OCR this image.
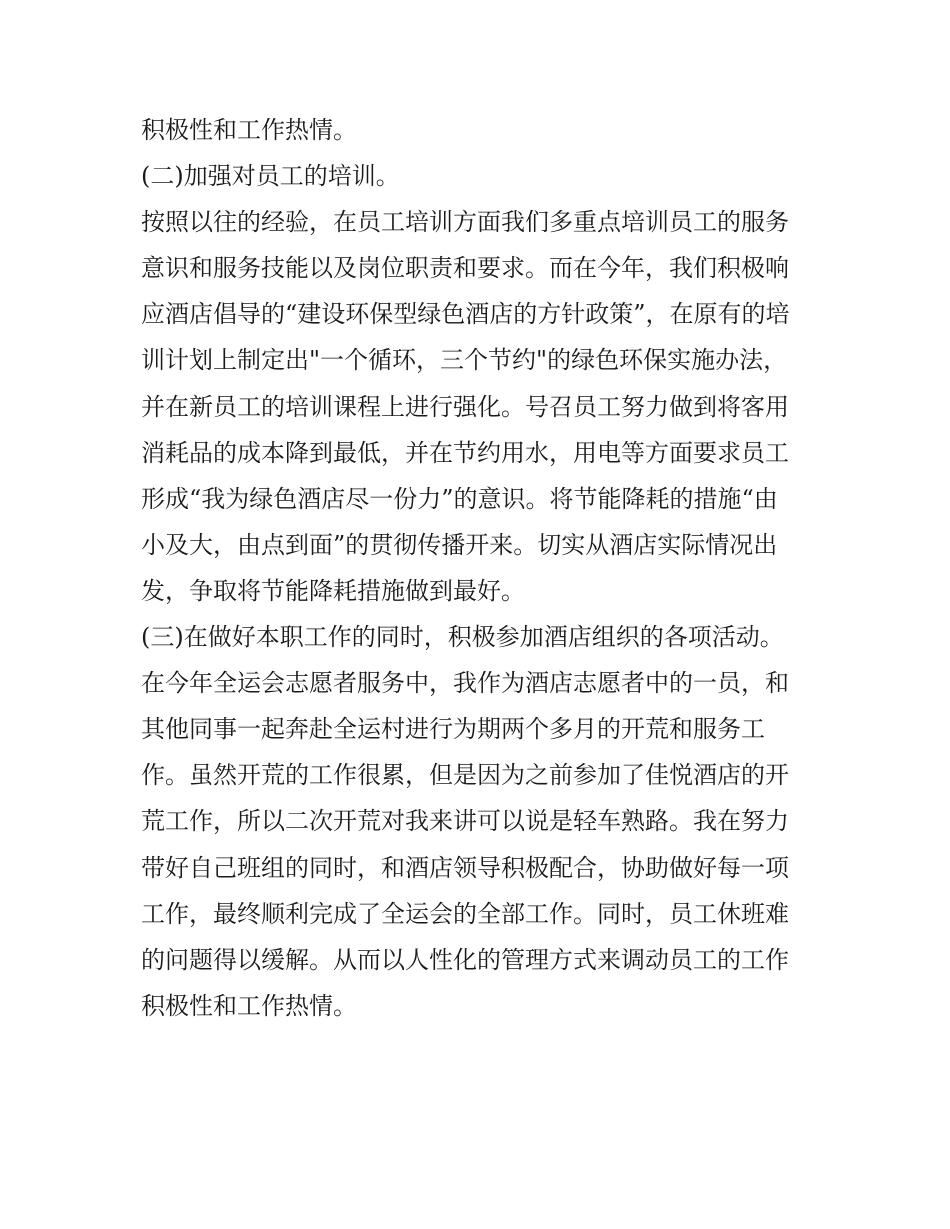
积极性和工作热情。
(二)加强对员工的培训。
按照以往的经验，在员工培训方面我们多重点培训员工的服务
意识和服务技能以及岗位职责和要求。而在今年，我们积极响
应酒店倡导的“建设环保型绿色酒店的方针政策”，在原有的培
训计划上制定出"一个循环，三个节约"的绿色环保实施办法，
并在新员工的培训课程上进行强化。号召员工努力做到将客用
消耗品的成本降到最低，并在节约用水，用电等方面要求员工
形成“我为绿色酒店尽一份力”的意识。将节能降耗的措施“由
小及大，由点到面”的贯彻传播开来。切实从酒店实际情况出
发，争取将节能降耗措施做到最好。
(三)在做好本职工作的同时，积极参加酒店组织的各项活动。
在今年全运会志愿者服务中，我作为酒店志愿者中的一员，和
其他同事一起奔赴全运村进行为期两个多月的开荒和服务工
作。虽然开荒的工作很累，但是因为之前参加了佳悦酒店的开
荒工作，所以二次开荒对我来讲可以说是轻车熟路。我在努力
带好自己班组的同时，和酒店领导积极配合，协助做好每一项
工作，最终顺利完成了全运会的全部工作。同时，员工休班难
的问题得以缓解。从而以人性化的管理方式来调动员工的工作
积极性和工作热情。
